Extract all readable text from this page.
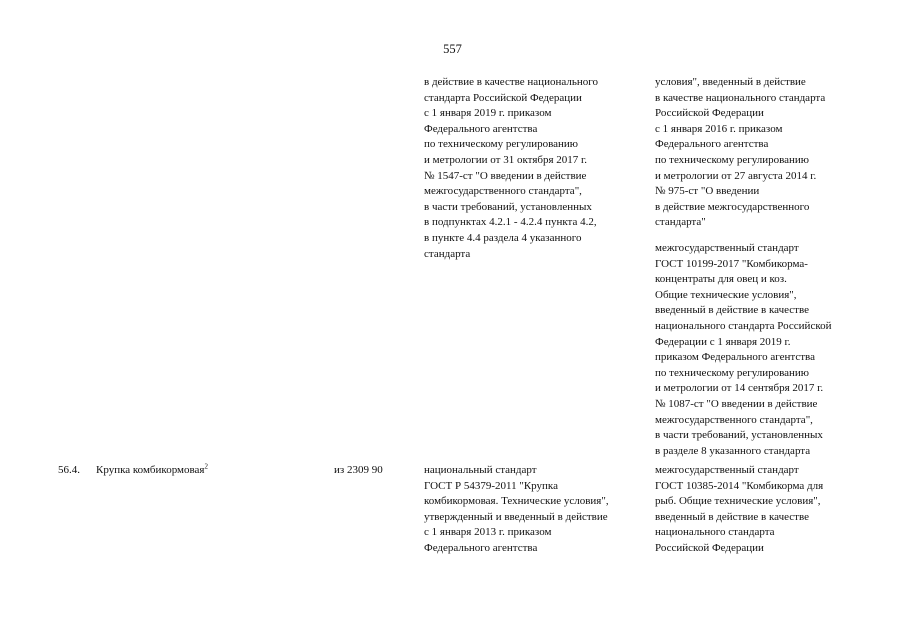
557
в действие в качестве национального
стандарта Российской Федерации
с 1 января 2019 г. приказом
Федерального агентства
по техническому регулированию
и метрологии от 31 октября 2017 г.
№ 1547-ст "О введении в действие
межгосударственного стандарта",
в части требований, установленных
в подпунктах 4.2.1 - 4.2.4 пункта 4.2,
в пункте 4.4 раздела 4 указанного
стандарта
условия", введенный в действие
в качестве национального стандарта
Российской Федерации
с 1 января 2016 г. приказом
Федерального агентства
по техническому регулированию
и метрологии от 27 августа 2014 г.
№ 975-ст "О введении
в действие межгосударственного
стандарта"
межгосударственный стандарт
ГОСТ 10199-2017 "Комбикорма-
концентраты для овец и коз.
Общие технические условия",
введенный в действие в качестве
национального стандарта Российской
Федерации с 1 января 2019 г.
приказом Федерального агентства
по техническому регулированию
и метрологии от 14 сентября 2017 г.
№ 1087-ст "О введении в действие
межгосударственного стандарта",
в части требований, установленных
в разделе 8 указанного стандарта
56.4. Крупка комбикормовая$^2$	из 2309 90	национальный стандарт
ГОСТ Р 54379-2011 "Крупка
комбикормовая. Технические условия",
утвержденный и введенный в действие
с 1 января 2013 г. приказом
Федерального агентства
межгосударственный стандарт
ГОСТ 10385-2014 "Комбикорма для
рыб. Общие технические условия",
введенный в действие в качестве
национального стандарта
Российской Федерации
